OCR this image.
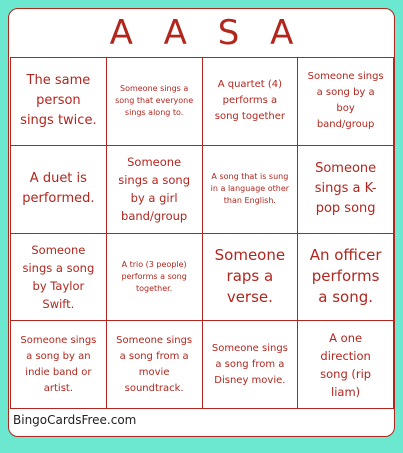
A A S A
The same person sings twice.
Someone sings a song that everyone sings along to.
A quartet (4) performs a song together
Someone sings a song by a boy band/group
A duet is performed.
Someone sings a song by a girl band/group
A song that is sung in a language other than English.
Someone sings a K-pop song
Someone sings a song by Taylor Swift.
A trio (3 people) performs a song together.
Someone raps a verse.
An officer performs a song.
Someone sings a song by an indie band or artist.
Someone sings a song from a movie soundtrack.
Someone sings a song from a Disney movie.
A one direction song (rip liam)
BingoCardsFree.com
